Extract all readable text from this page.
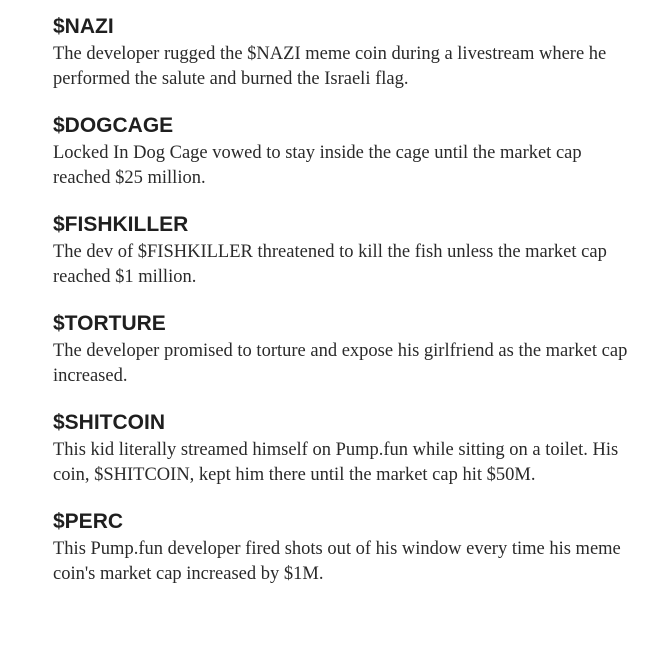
$NAZI

The developer rugged the $NAZI meme coin during a livestream where he performed the salute and burned the Israeli flag.

$DOGCAGE

Locked In Dog Cage vowed to stay inside the cage until the market cap reached $25 million.

$FISHKILLER

The dev of $FISHKILLER threatened to kill the fish unless the market cap reached $1 million.

$TORTURE

The developer promised to torture and expose his girlfriend as the market cap increased.

$SHITCOIN

This kid literally streamed himself on Pump.fun while sitting on a toilet. His coin, $SHITCOIN, kept him there until the market cap hit $50M.

$PERC

This Pump.fun developer fired shots out of his window every time his meme coin's market cap increased by $1M.
